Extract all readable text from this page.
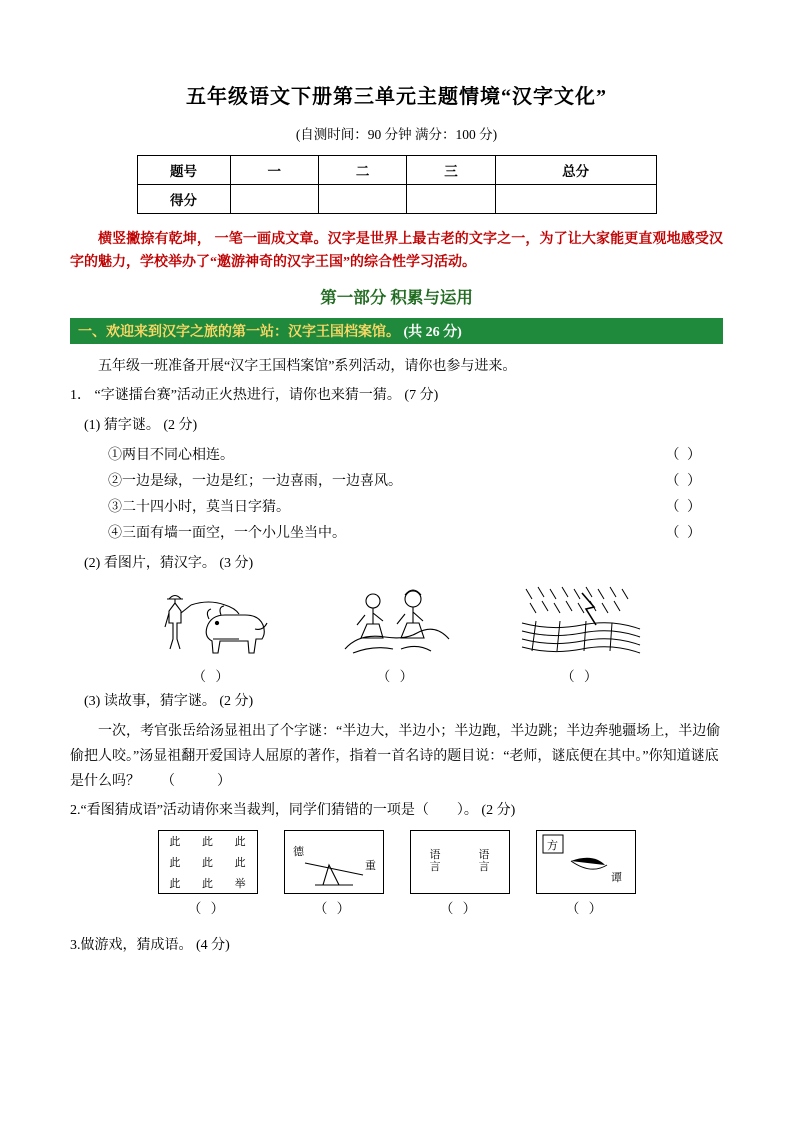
五年级语文下册第三单元主题情境“汉字文化”
(自测时间：90 分钟 满分：100 分)
题号	一	二	三	总分
得分				
横竖撇捺有乾坤， 一笔一画成文章。汉字是世界上最古老的文字之一，为了让大家能更直观地感受汉字的魅力，学校举办了“邀游神奇的汉字王国”的综合性学习活动。
第一部分 积累与运用
一、欢迎来到汉字之旅的第一站：汉字王国档案馆。 (共 26 分)

五年级一班准备开展“汉字王国档案馆”系列活动，请你也参与进来。

1． “字谜擂台赛”活动正火热进行，请你也来猜一猜。 (7 分)
(1) 猜字谜。 (2 分)
①两目不同心相连。	（ ）
②一边是绿，一边是红；一边喜雨，一边喜风。	（ ）
③二十四小时，莫当日字猜。	（ ）
④三面有墙一面空，一个小儿坐当中。	（ ）
(2) 看图片，猜汉字。 (3 分)
（ ）	（ ）	（ ）
(3) 读故事，猜字谜。 (2 分)

一次，考官张岳给汤显祖出了个字谜：“半边大，半边小；半边跑，半边跳；半边奔驰疆场上，半边偷偷把人咬。”汤显祖翻开爱国诗人屈原的著作，指着一首名诗的题目说：“老师，谜底便在其中。”你知道谜底是什么吗？　　（　　　）

2.“看图猜成语”活动请你来当裁判，同学们猜错的一项是（　　）。 (2 分)
此 此 此
此 此 此
此 此 举
（ ）
德
重
（ ）
语
言
语
言
（ ）
方
谭
（ ）
3.做游戏，猜成语。 (4 分)
